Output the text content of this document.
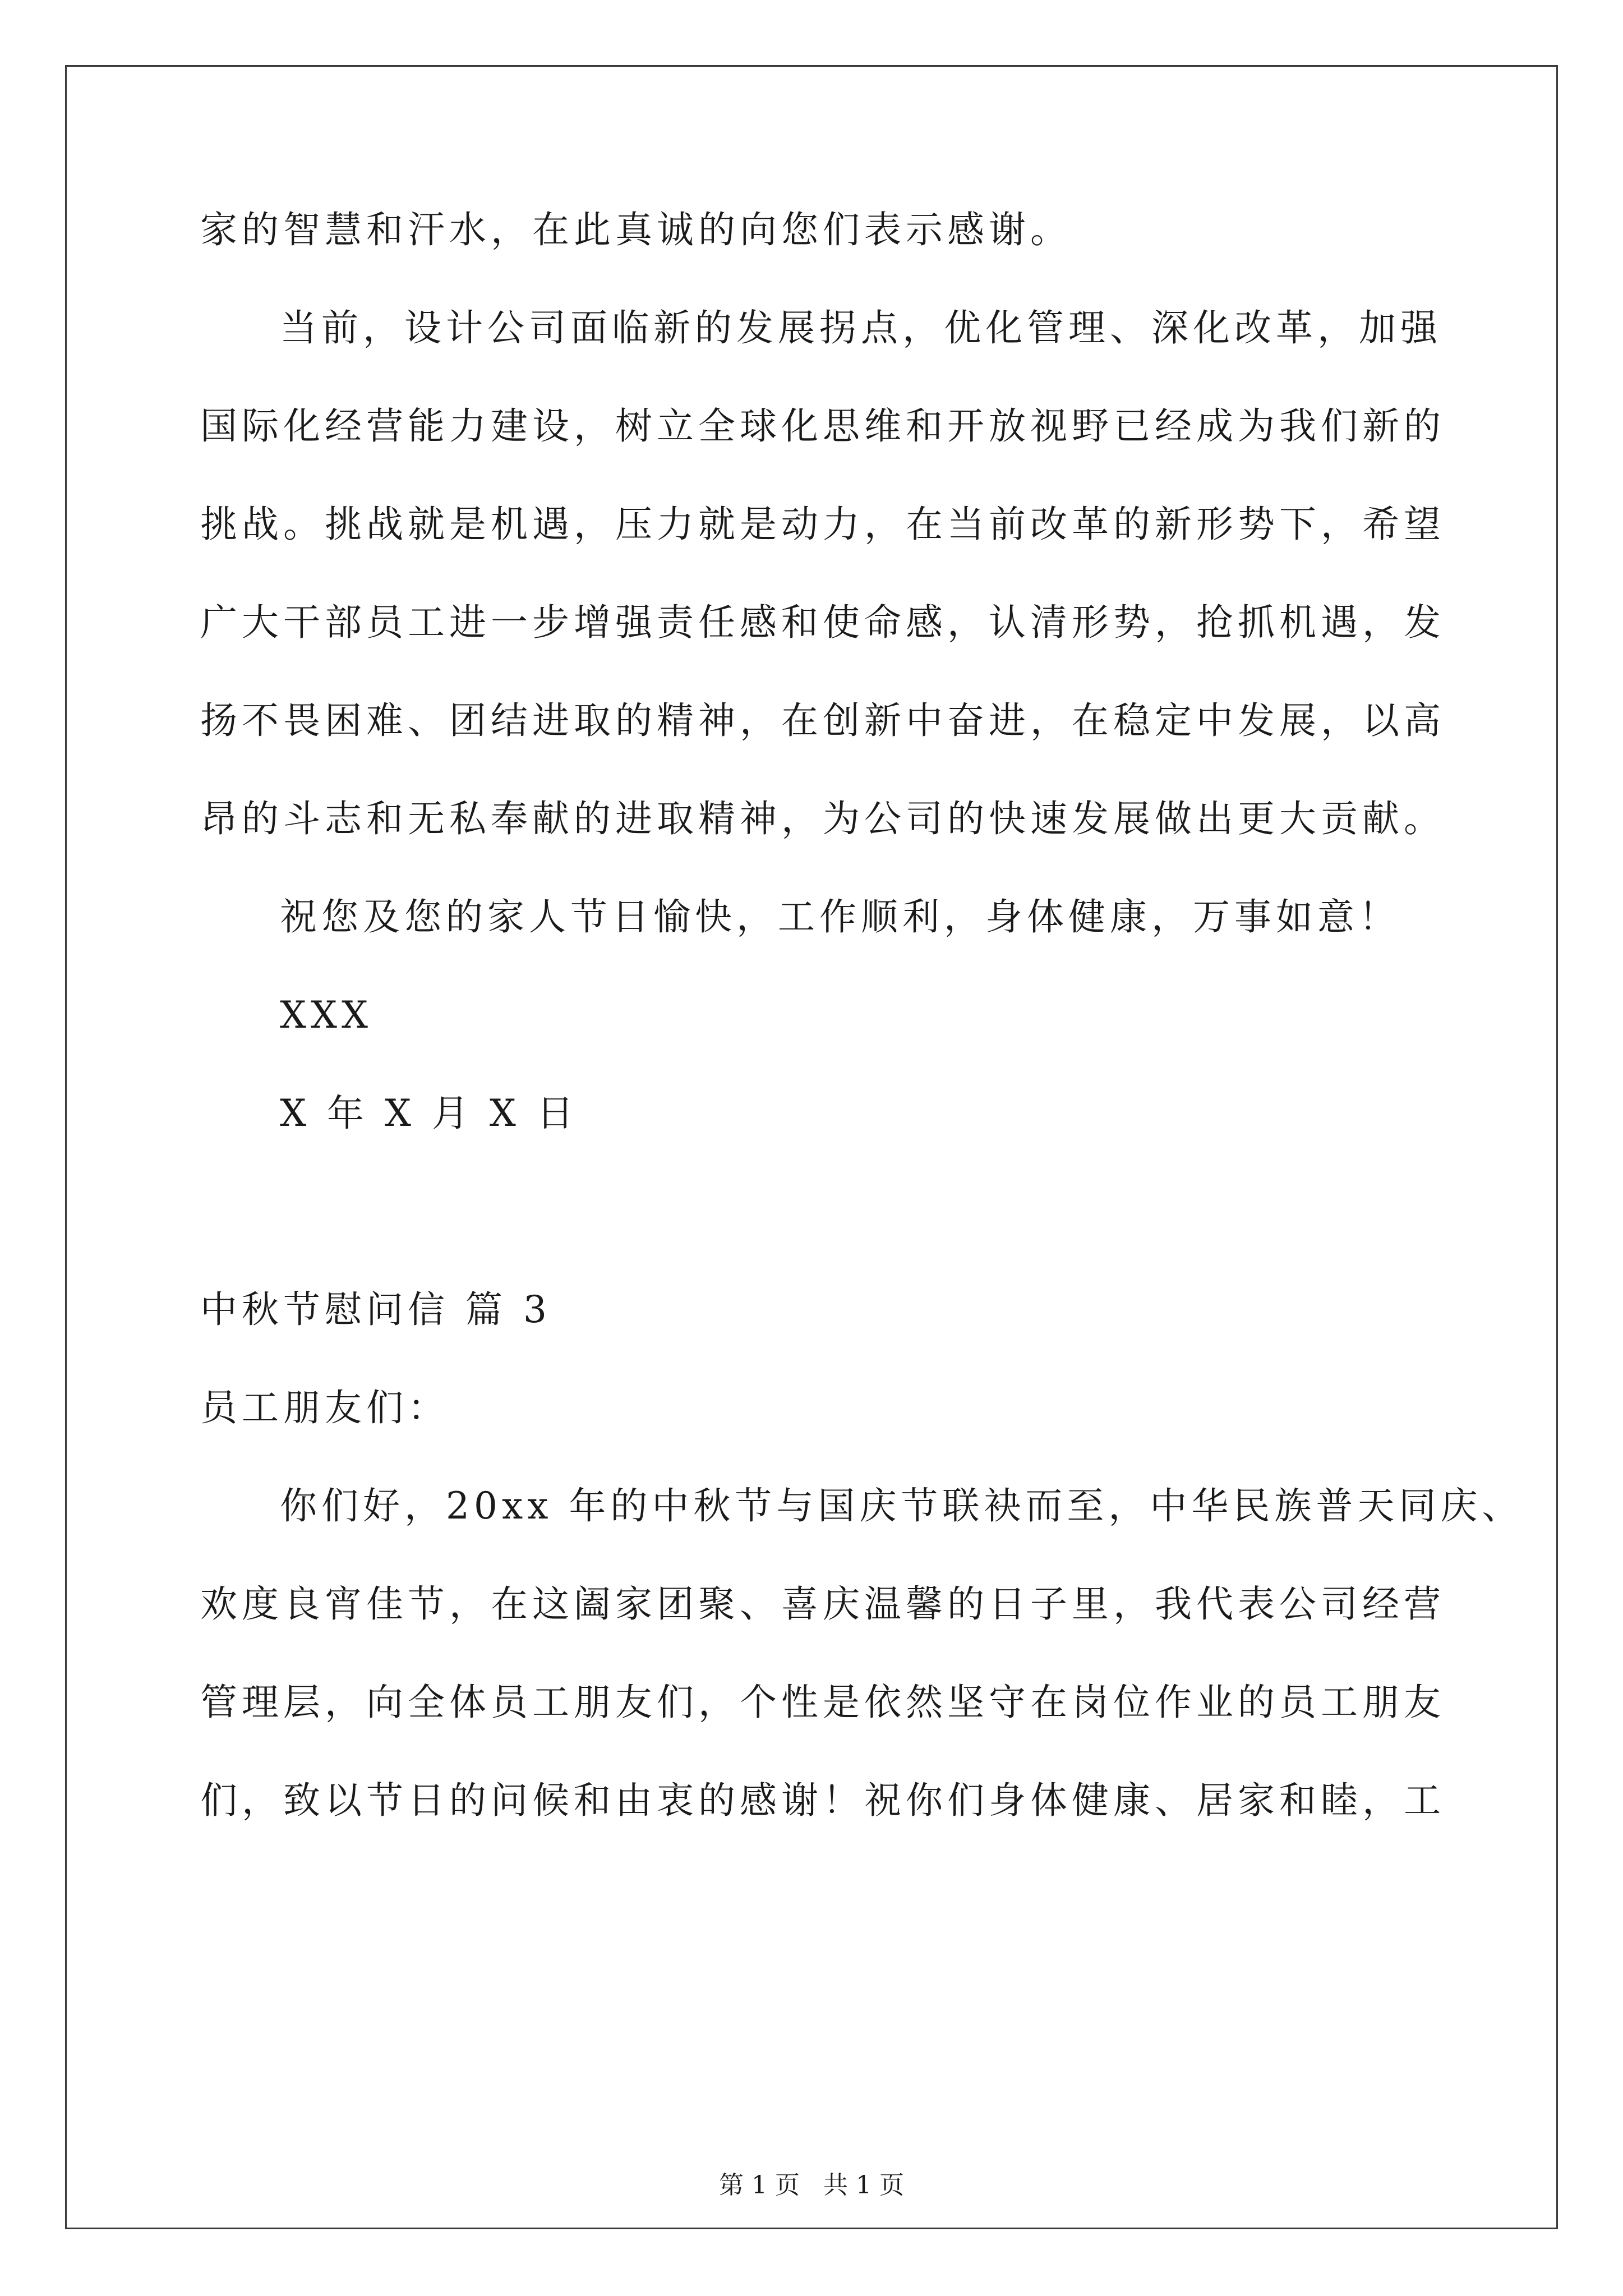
家的智慧和汗水，在此真诚的向您们表示感谢。
当前，设计公司面临新的发展拐点，优化管理、深化改革，加强
国际化经营能力建设，树立全球化思维和开放视野已经成为我们新的
挑战。挑战就是机遇，压力就是动力，在当前改革的新形势下，希望
广大干部员工进一步增强责任感和使命感，认清形势，抢抓机遇，发
扬不畏困难、团结进取的精神，在创新中奋进，在稳定中发展，以高
昂的斗志和无私奉献的进取精神，为公司的快速发展做出更大贡献。
祝您及您的家人节日愉快，工作顺利，身体健康，万事如意！
XXX
X 年 X 月 X 日
中秋节慰问信 篇 3
员工朋友们：
你们好，20xx 年的中秋节与国庆节联袂而至，中华民族普天同庆、
欢度良宵佳节，在这阖家团聚、喜庆温馨的日子里，我代表公司经营
管理层，向全体员工朋友们，个性是依然坚守在岗位作业的员工朋友
们，致以节日的问候和由衷的感谢！祝你们身体健康、居家和睦，工
第 1 页 共 1 页
